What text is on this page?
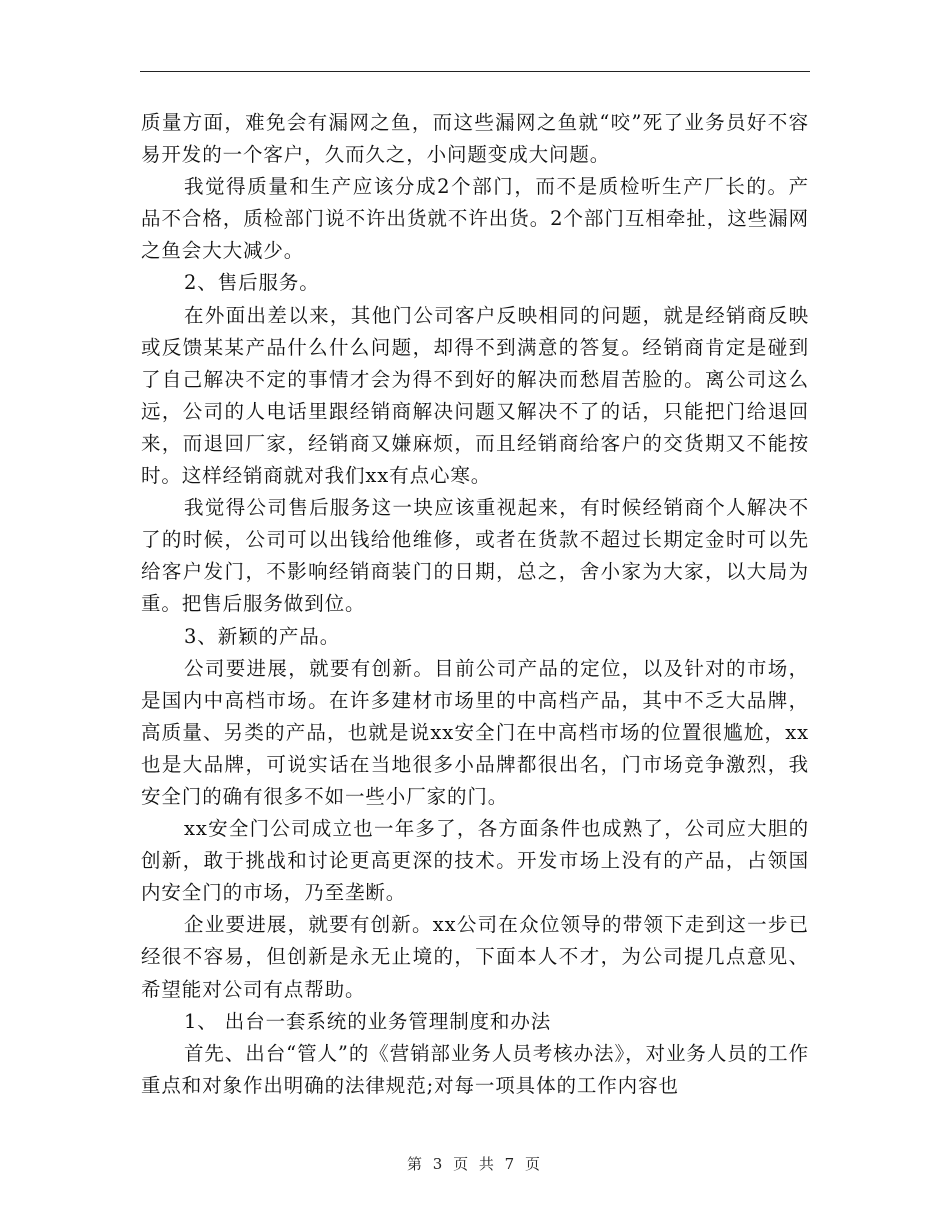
质量方面，难免会有漏网之鱼，而这些漏网之鱼就“咬”死了业务员好不容易开发的一个客户，久而久之，小问题变成大问题。

我觉得质量和生产应该分成2个部门，而不是质检听生产厂长的。产品不合格，质检部门说不许出货就不许出货。2个部门互相牵扯，这些漏网之鱼会大大减少。

2、售后服务。

在外面出差以来，其他门公司客户反映相同的问题，就是经销商反映或反馈某某产品什么什么问题，却得不到满意的答复。经销商肯定是碰到了自己解决不定的事情才会为得不到好的解决而愁眉苦脸的。离公司这么远，公司的人电话里跟经销商解决问题又解决不了的话，只能把门给退回来，而退回厂家，经销商又嫌麻烦，而且经销商给客户的交货期又不能按时。这样经销商就对我们xx有点心寒。

我觉得公司售后服务这一块应该重视起来，有时候经销商个人解决不了的时候，公司可以出钱给他维修，或者在货款不超过长期定金时可以先给客户发门，不影响经销商装门的日期，总之，舍小家为大家，以大局为重。把售后服务做到位。

3、新颖的产品。

公司要进展，就要有创新。目前公司产品的定位，以及针对的市场，是国内中高档市场。在许多建材市场里的中高档产品，其中不乏大品牌，高质量、另类的产品，也就是说xx安全门在中高档市场的位置很尴尬，xx也是大品牌，可说实话在当地很多小品牌都很出名，门市场竞争激烈，我安全门的确有很多不如一些小厂家的门。

xx安全门公司成立也一年多了，各方面条件也成熟了，公司应大胆的创新，敢于挑战和讨论更高更深的技术。开发市场上没有的产品，占领国内安全门的市场，乃至垄断。

企业要进展，就要有创新。xx公司在众位领导的带领下走到这一步已经很不容易，但创新是永无止境的，下面本人不才，为公司提几点意见、希望能对公司有点帮助。

1、 出台一套系统的业务管理制度和办法

首先、出台“管人”的《营销部业务人员考核办法》，对业务人员的工作重点和对象作出明确的法律规范;对每一项具体的工作内容也

第 3 页 共 7 页
